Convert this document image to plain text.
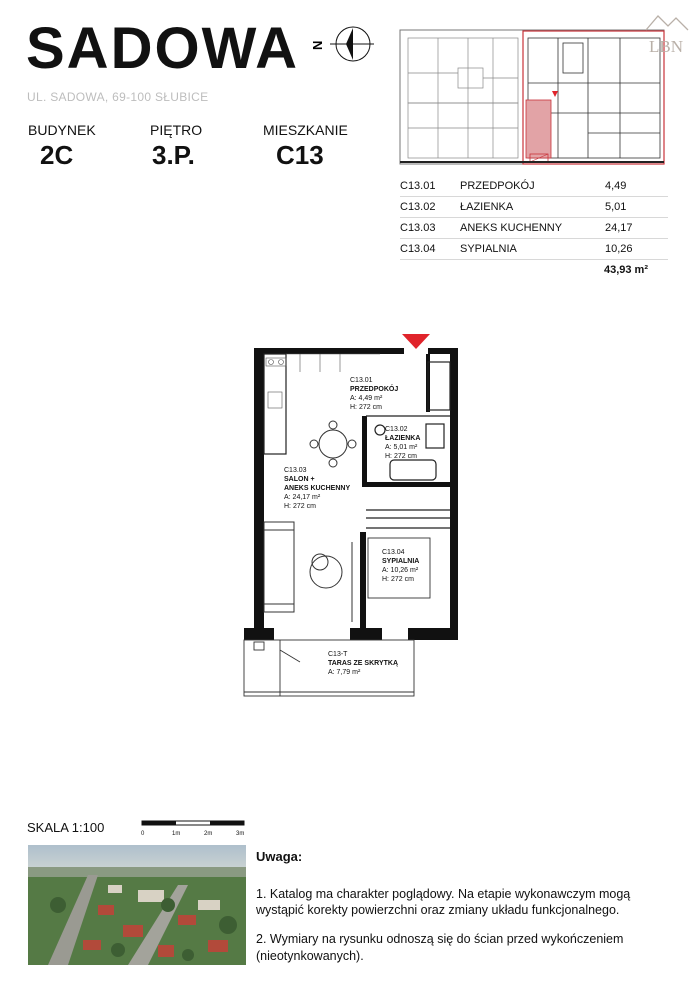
SADOWA
UL. SADOWA, 69-100 SŁUBICE
N
BUDYNEK
2C
PIĘTRO
3.P.
MIESZKANIE
C13
LBN
C13.01	PRZEDPOKÓJ	4,49
C13.02	ŁAZIENKA	5,01
C13.03	ANEKS KUCHENNY	24,17
C13.04	SYPIALNIA	10,26
43,93 m²
C13.01
PRZEDPOKÓJ
A: 4,49 m²
H: 272 cm
C13.02
ŁAZIENKA
A: 5,01 m²
H: 272 cm
C13.03
SALON +
ANEKS KUCHENNY
A: 24,17 m²
H: 272 cm
C13.04
SYPIALNIA
A: 10,26 m²
H: 272 cm
C13-T
TARAS ZE SKRYTKĄ
A: 7,79 m²
SKALA 1:100	0	1m	2m	3m
Uwaga:

1. Katalog ma charakter poglądowy. Na etapie wykonawczym mogą wystąpić korekty powierzchni oraz zmiany układu funkcjonalnego.

2. Wymiary na rysunku odnoszą się do ścian przed wykończeniem (nieotynkowanych).
